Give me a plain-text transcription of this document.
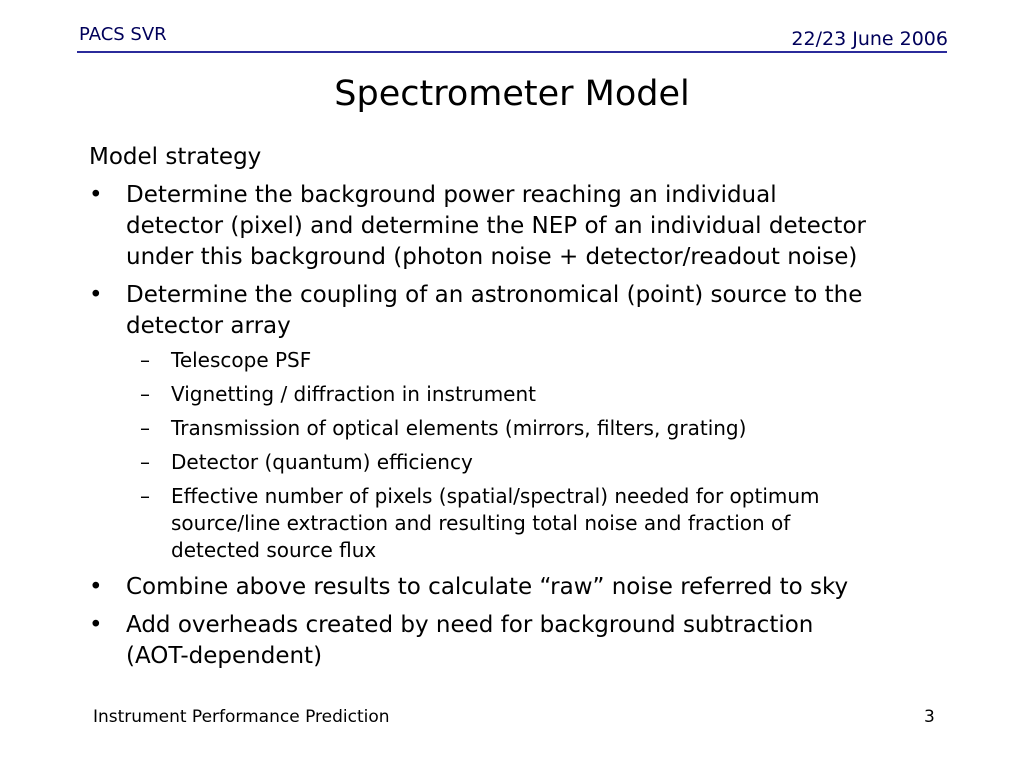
PACS SVR	22/23 June 2006
Spectrometer Model
Model strategy
• Determine the background power reaching an individual
detector (pixel) and determine the NEP of an individual detector
under this background (photon noise + detector/readout noise)
• Determine the coupling of an astronomical (point) source to the
detector array
– Telescope PSF
– Vignetting / diffraction in instrument
– Transmission of optical elements (mirrors, filters, grating)
– Detector (quantum) efficiency
– Effective number of pixels (spatial/spectral) needed for optimum
source/line extraction and resulting total noise and fraction of
detected source flux
• Combine above results to calculate “raw” noise referred to sky
• Add overheads created by need for background subtraction
(AOT-dependent)
Instrument Performance Prediction	3
